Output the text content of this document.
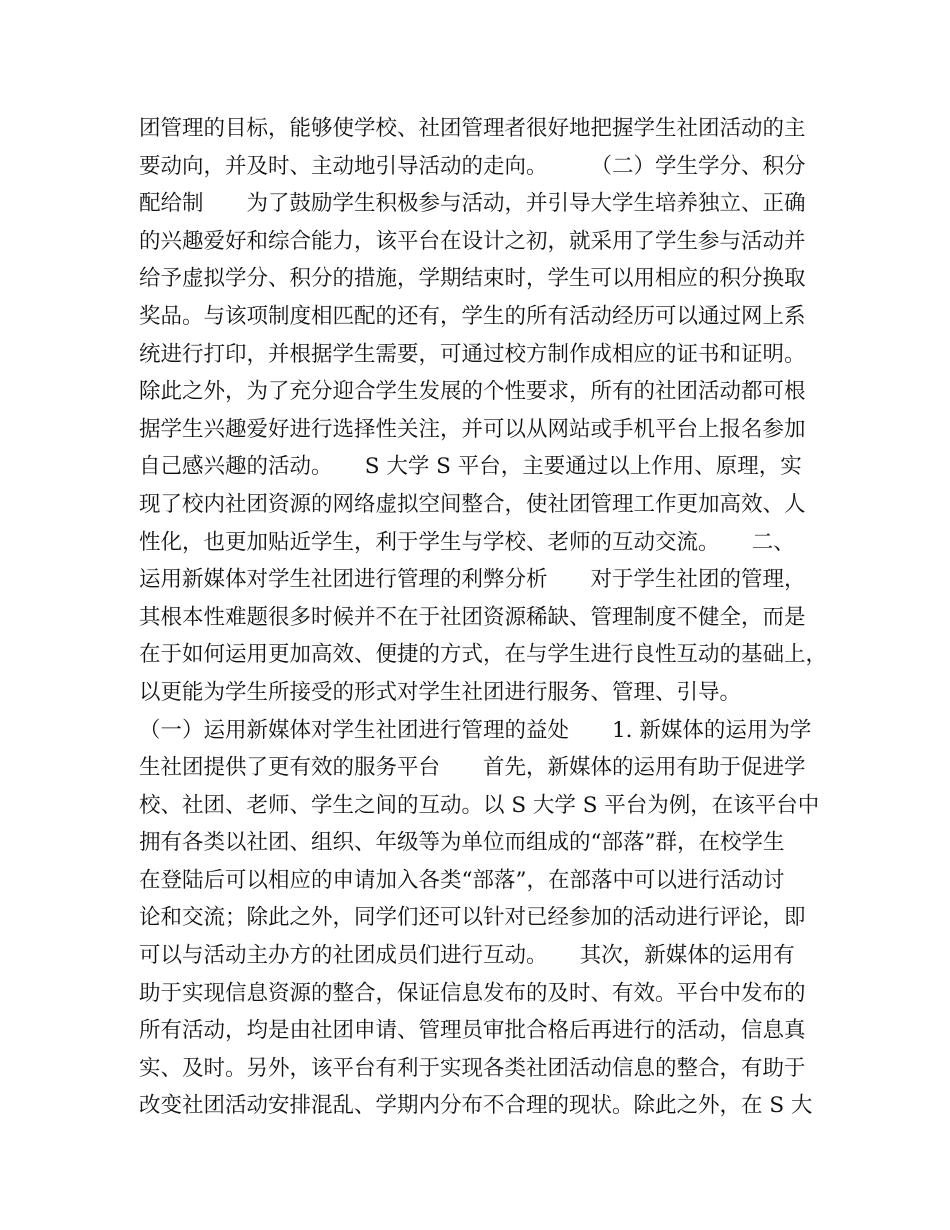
团管理的目标，能够使学校、社团管理者很好地把握学生社团活动的主
要动向，并及时、主动地引导活动的走向。　　　（二）学生学分、积分
配给制　　为了鼓励学生积极参与活动，并引导大学生培养独立、正确
的兴趣爱好和综合能力，该平台在设计之初，就采用了学生参与活动并
给予虚拟学分、积分的措施，学期结束时，学生可以用相应的积分换取
奖品。与该项制度相匹配的还有，学生的所有活动经历可以通过网上系
统进行打印，并根据学生需要，可通过校方制作成相应的证书和证明。
除此之外，为了充分迎合学生发展的个性要求，所有的社团活动都可根
据学生兴趣爱好进行选择性关注，并可以从网站或手机平台上报名参加
自己感兴趣的活动。　　S 大学 S 平台，主要通过以上作用、原理，实
现了校内社团资源的网络虚拟空间整合，使社团管理工作更加高效、人
性化，也更加贴近学生，利于学生与学校、老师的互动交流。　　二、
运用新媒体对学生社团进行管理的利弊分析　　对于学生社团的管理，
其根本性难题很多时候并不在于社团资源稀缺、管理制度不健全，而是
在于如何运用更加高效、便捷的方式，在与学生进行良性互动的基础上，
以更能为学生所接受的形式对学生社团进行服务、管理、引导。
（一）运用新媒体对学生社团进行管理的益处　　1. 新媒体的运用为学
生社团提供了更有效的服务平台　　首先，新媒体的运用有助于促进学
校、社团、老师、学生之间的互动。以 S 大学 S 平台为例，在该平台中
拥有各类以社团、组织、年级等为单位而组成的“部落”群，在校学生
在登陆后可以相应的申请加入各类“部落”，在部落中可以进行活动讨
论和交流；除此之外，同学们还可以针对已经参加的活动进行评论，即
可以与活动主办方的社团成员们进行互动。　　其次，新媒体的运用有
助于实现信息资源的整合，保证信息发布的及时、有效。平台中发布的
所有活动，均是由社团申请、管理员审批合格后再进行的活动，信息真
实、及时。另外，该平台有利于实现各类社团活动信息的整合，有助于
改变社团活动安排混乱、学期内分布不合理的现状。除此之外，在 S 大
